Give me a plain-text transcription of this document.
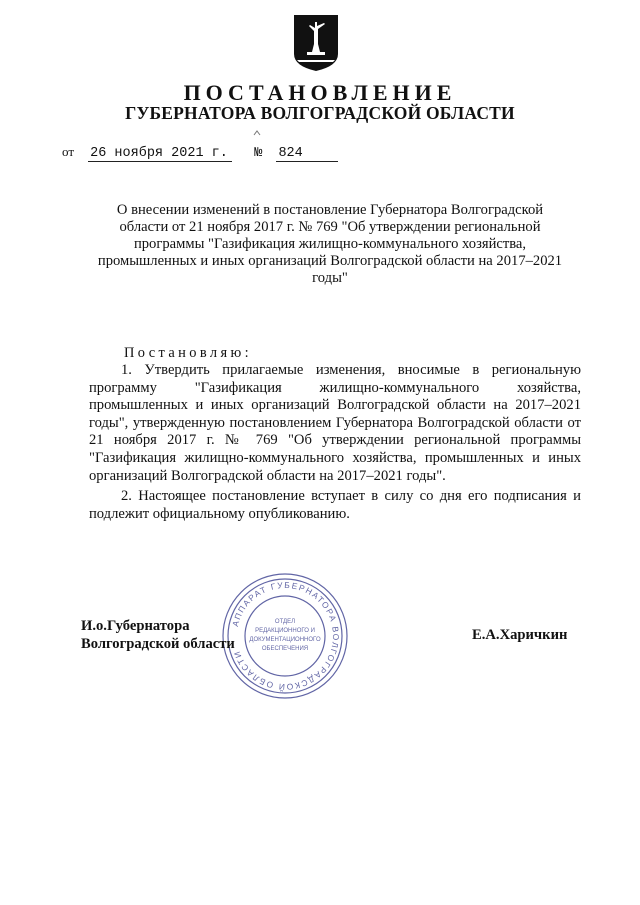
ПОСТАНОВЛЕНИЕ
ГУБЕРНАТОРА ВОЛГОГРАДСКОЙ ОБЛАСТИ
от 26 ноября 2021 г. № 824
О внесении изменений в постановление Губернатора Волгоградской области от 21 ноября 2017 г. № 769 "Об утверждении региональной программы "Газификация жилищно-коммунального хозяйства, промышленных и иных организаций Волгоградской области на 2017–2021 годы"
Постановляю:

1. Утвердить прилагаемые изменения, вносимые в региональную программу "Газификация жилищно-коммунального хозяйства, промышленных и иных организаций Волгоградской области на 2017–2021 годы", утвержденную постановлением Губернатора Волгоградской области от 21 ноября 2017 г. № 769 "Об утверждении региональной программы "Газификация жилищно-коммунального хозяйства, промышленных и иных организаций Волгоградской области на 2017–2021 годы".

2. Настоящее постановление вступает в силу со дня его подписания и подлежит официальному опубликованию.

АППАРАТ ГУБЕРНАТОРА ВОЛГОГРАДСКОЙ ОБЛАСТИ
ОТДЕЛ
РЕДАКЦИОННОГО И
ДОКУМЕНТАЦИОННОГО
ОБЕСПЕЧЕНИЯ
И.о.Губернатора
Волгоградской области
Е.А.Харичкин
